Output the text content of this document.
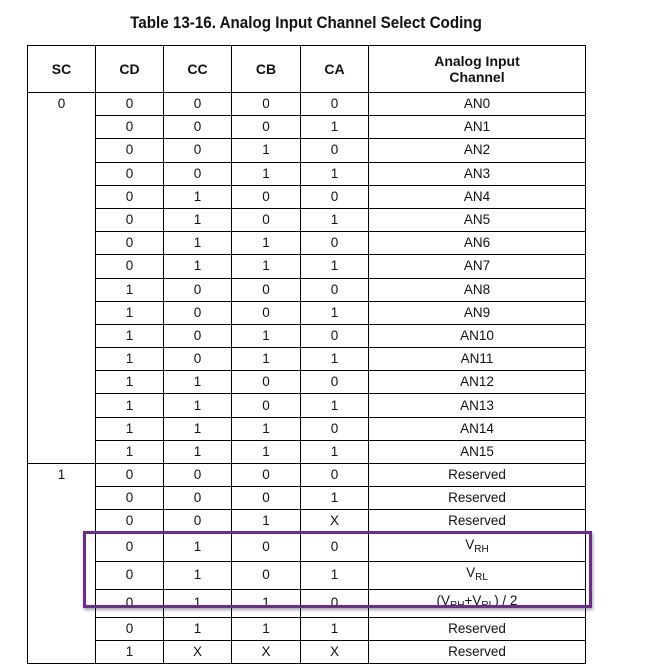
Table 13-16. Analog Input Channel Select Coding
SC	CD	CC	CB	CA	Analog Input Channel

0	0	0	0	0	AN0
	0	0	0	1	AN1
	0	0	1	0	AN2
	0	0	1	1	AN3
	0	1	0	0	AN4
	0	1	0	1	AN5
	0	1	1	0	AN6
	0	1	1	1	AN7
	1	0	0	0	AN8
	1	0	0	1	AN9
	1	0	1	0	AN10
	1	0	1	1	AN11
	1	1	0	0	AN12
	1	1	0	1	AN13
	1	1	1	0	AN14
	1	1	1	1	AN15

1	0	0	0	0	Reserved
	0	0	0	1	Reserved
	0	0	1	X	Reserved
	0	1	0	0	$V_{RH}$
	0	1	0	1	$V_{RL}$
	0	1	1	0	$(V_{RH}+V_{RL}) / 2$
	0	1	1	1	Reserved
	1	X	X	X	Reserved
